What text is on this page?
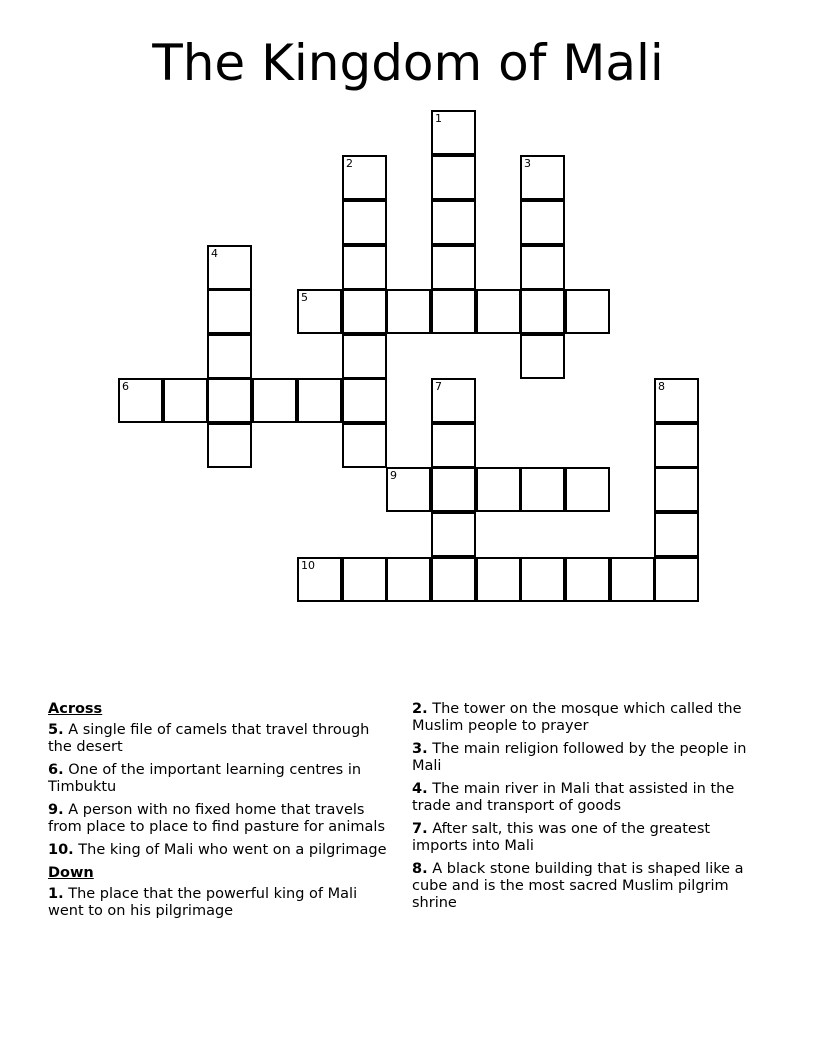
The Kingdom of Mali
1
2	3
4
5
6	7	8
9
10
Across
5. A single file of camels that travel through the desert
6. One of the important learning centres in Timbuktu
9. A person with no fixed home that travels from place to place to find pasture for animals
10. The king of Mali who went on a pilgrimage
Down
1. The place that the powerful king of Mali went to on his pilgrimage
2. The tower on the mosque which called the Muslim people to prayer
3. The main religion followed by the people in Mali
4. The main river in Mali that assisted in the trade and transport of goods
7. After salt, this was one of the greatest imports into Mali
8. A black stone building that is shaped like a cube and is the most sacred Muslim pilgrim shrine
